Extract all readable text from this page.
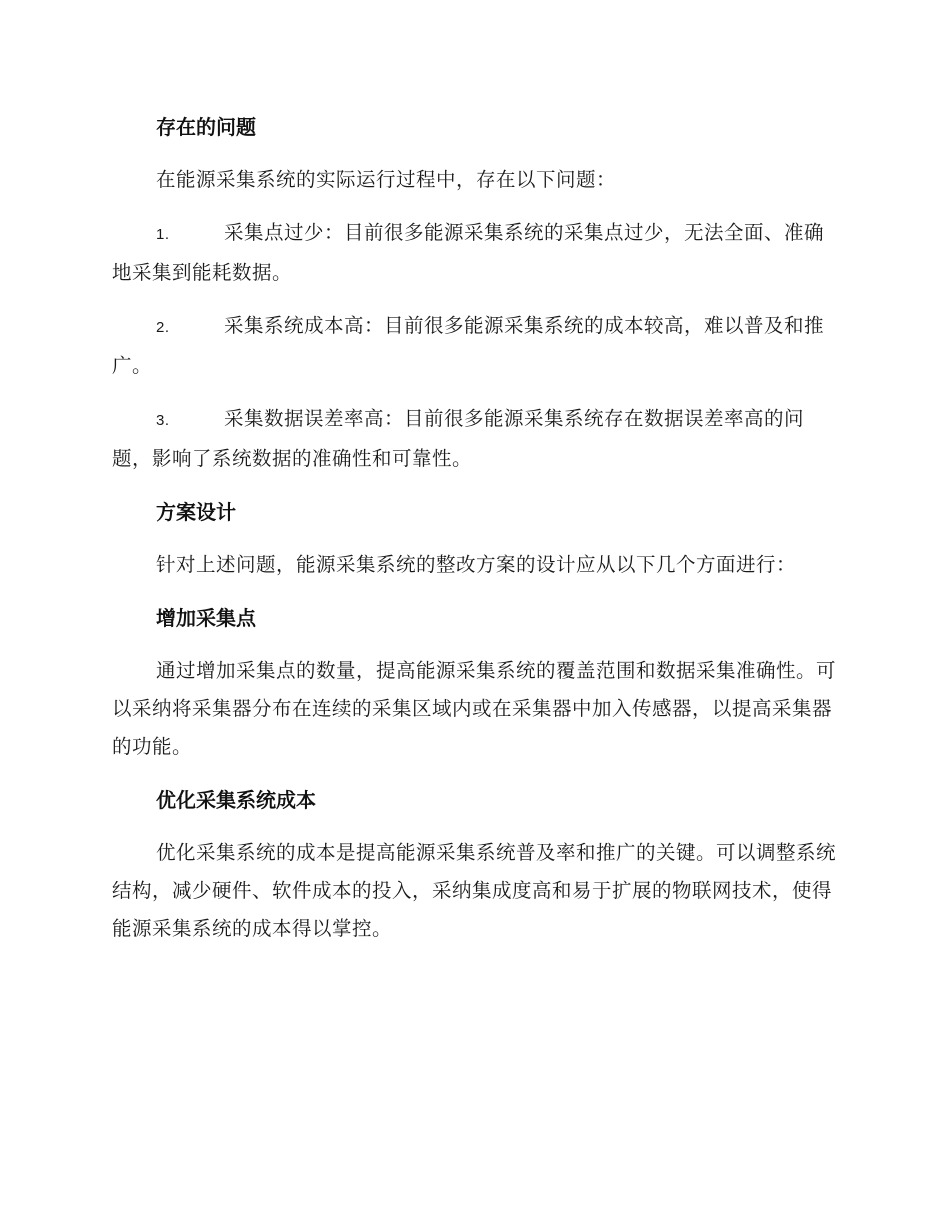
存在的问题

在能源采集系统的实际运行过程中，存在以下问题：

1.	采集点过少：目前很多能源采集系统的采集点过少，无法全面、准确地采集到能耗数据。

2.	采集系统成本高：目前很多能源采集系统的成本较高，难以普及和推广。

3.	采集数据误差率高：目前很多能源采集系统存在数据误差率高的问题，影响了系统数据的准确性和可靠性。

方案设计

针对上述问题，能源采集系统的整改方案的设计应从以下几个方面进行：

增加采集点

通过增加采集点的数量，提高能源采集系统的覆盖范围和数据采集准确性。可以采纳将采集器分布在连续的采集区域内或在采集器中加入传感器，以提高采集器的功能。

优化采集系统成本

优化采集系统的成本是提高能源采集系统普及率和推广的关键。可以调整系统结构，减少硬件、软件成本的投入，采纳集成度高和易于扩展的物联网技术，使得能源采集系统的成本得以掌控。
